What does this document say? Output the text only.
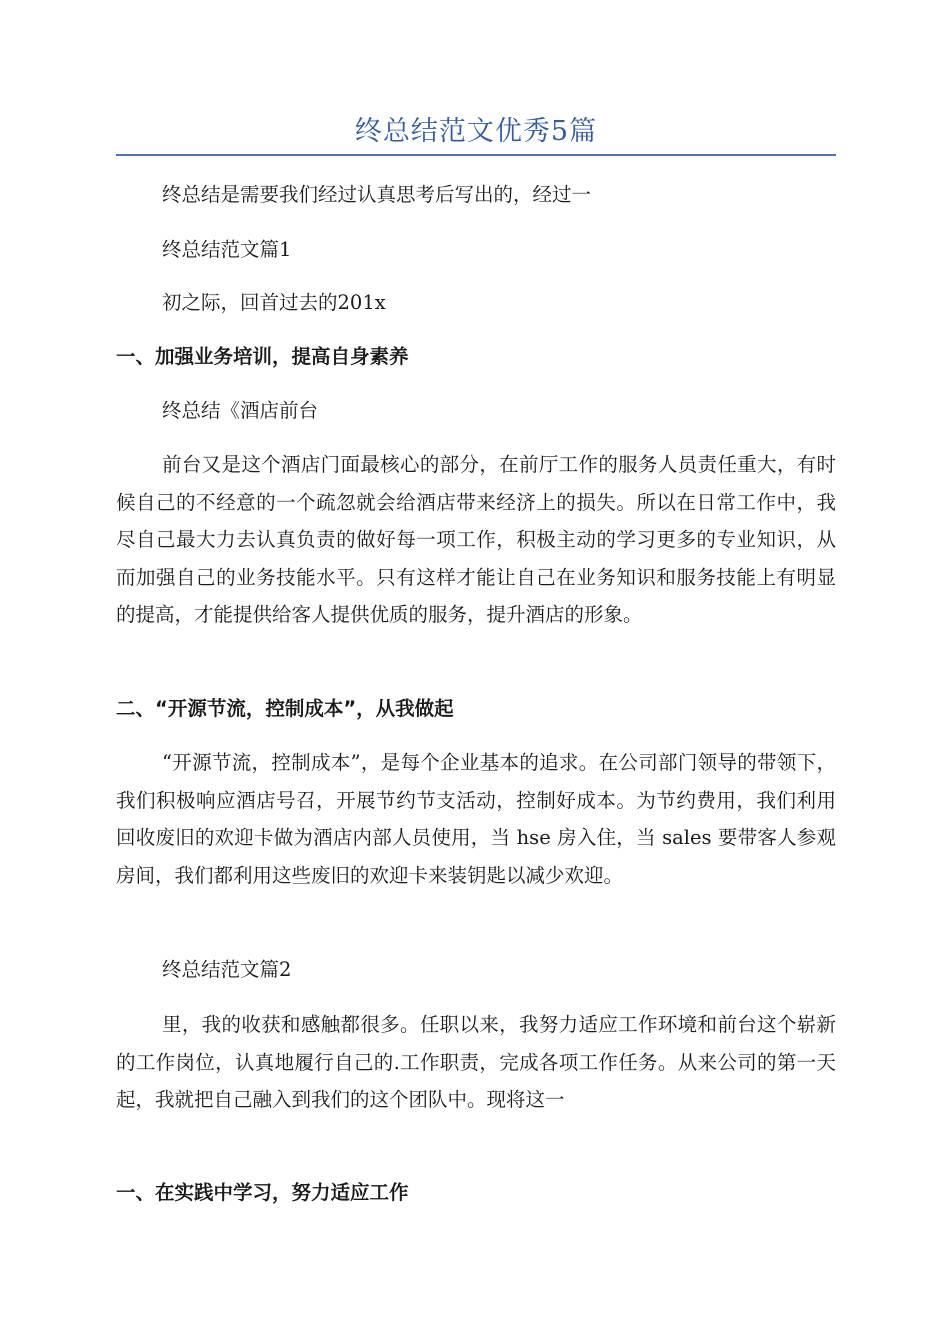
终总结范文优秀5篇

终总结是需要我们经过认真思考后写出的，经过一

终总结范文篇1

初之际，回首过去的201x

一、加强业务培训，提高自身素养

终总结《酒店前台

前台又是这个酒店门面最核心的部分，在前厅工作的服务人员责任重大，有时候自己的不经意的一个疏忽就会给酒店带来经济上的损失。所以在日常工作中，我尽自己最大力去认真负责的做好每一项工作，积极主动的学习更多的专业知识，从而加强自己的业务技能水平。只有这样才能让自己在业务知识和服务技能上有明显的提高，才能提供给客人提供优质的服务，提升酒店的形象。

二、“开源节流，控制成本”，从我做起

“开源节流，控制成本”，是每个企业基本的追求。在公司部门领导的带领下，我们积极响应酒店号召，开展节约节支活动，控制好成本。为节约费用，我们利用回收废旧的欢迎卡做为酒店内部人员使用，当 hse 房入住，当 sales 要带客人参观房间，我们都利用这些废旧的欢迎卡来装钥匙以减少欢迎。

终总结范文篇2

里，我的收获和感触都很多。任职以来，我努力适应工作环境和前台这个崭新的工作岗位，认真地履行自己的.工作职责，完成各项工作任务。从来公司的第一天起，我就把自己融入到我们的这个团队中。现将这一

一、在实践中学习，努力适应工作
